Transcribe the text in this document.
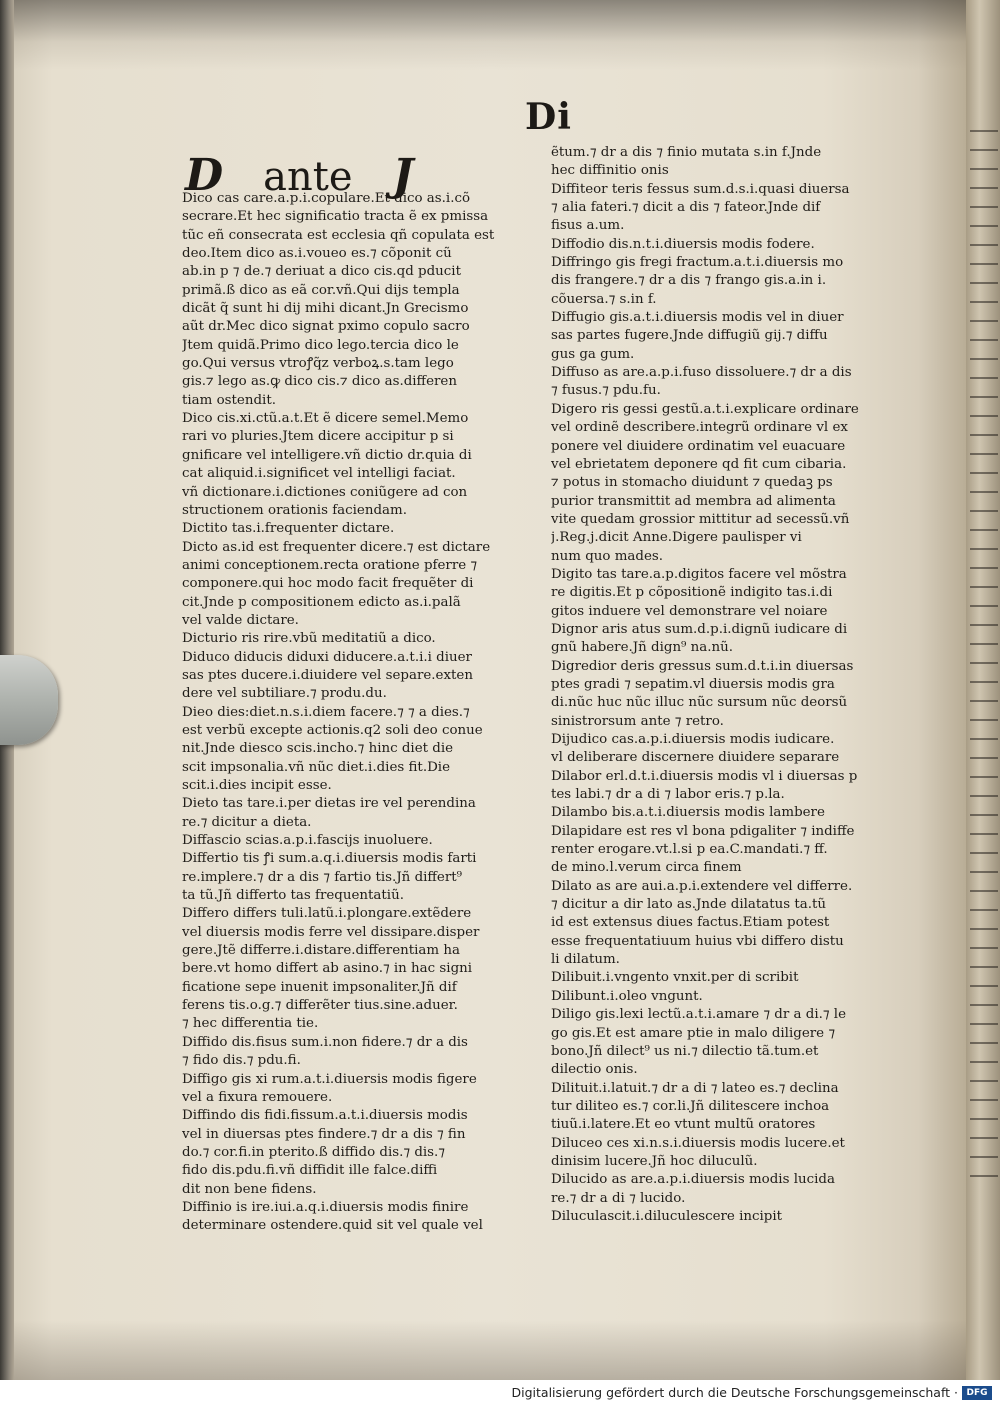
Di
D ante J
Dico cas care.a.p.i.copulare.Et dico as.i.cõ
secrare.Et hec significatio tracta ẽ ex pmissa
tũc eñ consecrata est ecclesia qñ copulata est
deo.Item dico as.i.voueo es.⁊ cõponit cũ
ab.in p ⁊ de.⁊ deriuat a dico cis.qd pducit
primã.ß dico as eã cor.vñ.Qui dijs templa
dicãt q̃ sunt hi dij mihi dicant.Jn Grecismo
aũt dr.Mec dico signat pximo copulo sacro
Jtem quidã.Primo dico lego.tercia dico le
go.Qui versus vtroꝭq̃z verboꝝ.s.tam lego
gis.⁊ lego as.ꝙ dico cis.⁊ dico as.differen
tiam ostendit.
Dico cis.xi.ctũ.a.t.Et ẽ dicere semel.Memo
rari vo pluries.Jtem dicere accipitur p si
gnificare vel intelligere.vñ dictio dr.quia di
cat aliquid.i.significet vel intelligi faciat.
vñ dictionare.i.dictiones coniũgere ad con
structionem orationis faciendam.
Dictito tas.i.frequenter dictare.
Dicto as.id est frequenter dicere.⁊ est dictare
animi conceptionem.recta oratione pferre ⁊
componere.qui hoc modo facit frequẽter di
cit.Jnde p compositionem edicto as.i.palã
vel valde dictare.
Dicturio ris rire.vbũ meditatiũ a dico.
Diduco diducis diduxi diducere.a.t.i.i diuer
sas ptes ducere.i.diuidere vel separe.exten
dere vel subtiliare.⁊ produ.du.
Dieo dies:diet.n.s.i.diem facere.⁊ ⁊ a dies.⁊
est verbũ excepte actionis.q2 soli deo conue
nit.Jnde diesco scis.incho.⁊ hinc diet die
scit impsonalia.vñ nũc diet.i.dies fit.Die
scit.i.dies incipit esse.
Dieto tas tare.i.per dietas ire vel perendina
re.⁊ dicitur a dieta.
Diffascio scias.a.p.i.fascijs inuoluere.
Differtio tis ꝭi sum.a.q.i.diuersis modis farti
re.implere.⁊ dr a dis ⁊ fartio tis.Jñ differt⁹
ta tũ.Jñ differto tas frequentatiũ.
Differo differs tuli.latũ.i.plongare.extẽdere
vel diuersis modis ferre vel dissipare.disper
gere.Jtẽ differre.i.distare.differentiam ha
bere.vt homo differt ab asino.⁊ in hac signi
ficatione sepe inuenit impsonaliter.Jñ dif
ferens tis.o.g.⁊ differẽter tius.sine.aduer.
⁊ hec differentia tie.
Diffido dis.fisus sum.i.non fidere.⁊ dr a dis
⁊ fido dis.⁊ pdu.fi.
Diffigo gis xi rum.a.t.i.diuersis modis figere
vel a fixura remouere.
Diffindo dis fidi.fissum.a.t.i.diuersis modis
vel in diuersas ptes findere.⁊ dr a dis ⁊ fin
do.⁊ cor.fi.in pterito.ß diffido dis.⁊ dis.⁊
fido dis.pdu.fi.vñ diffidit ille falce.diffi
dit non bene fidens.
Diffinio is ire.iui.a.q.i.diuersis modis finire
determinare ostendere.quid sit vel quale vel
ẽtum.⁊ dr a dis ⁊ finio mutata s.in f.Jnde
hec diffinitio onis
Diffiteor teris fessus sum.d.s.i.quasi diuersa
⁊ alia fateri.⁊ dicit a dis ⁊ fateor.Jnde dif
fisus a.um.
Diffodio dis.n.t.i.diuersis modis fodere.
Diffringo gis fregi fractum.a.t.i.diuersis mo
dis frangere.⁊ dr a dis ⁊ frango gis.a.in i.
cõuersa.⁊ s.in f.
Diffugio gis.a.t.i.diuersis modis vel in diuer
sas partes fugere.Jnde diffugiũ gij.⁊ diffu
gus ga gum.
Diffuso as are.a.p.i.fuso dissoluere.⁊ dr a dis
⁊ fusus.⁊ pdu.fu.
Digero ris gessi gestũ.a.t.i.explicare ordinare
vel ordinẽ describere.integrũ ordinare vl ex
ponere vel diuidere ordinatim vel euacuare
vel ebrietatem deponere qd fit cum cibaria.
⁊ potus in stomacho diuidunt ⁊ quedaꝫ ps
purior transmittit ad membra ad alimenta
vite quedam grossior mittitur ad secessũ.vñ
j.Reg.j.dicit Anne.Digere paulisper vi
num quo mades.
Digito tas tare.a.p.digitos facere vel mõstra
re digitis.Et p cõpositionẽ indigito tas.i.di
gitos induere vel demonstrare vel noiare
Dignor aris atus sum.d.p.i.dignũ iudicare di
gnũ habere.Jñ dign⁹ na.nũ.
Digredior deris gressus sum.d.t.i.in diuersas
ptes gradi ⁊ sepatim.vl diuersis modis gra
di.nũc huc nũc illuc nũc sursum nũc deorsũ
sinistrorsum ante ⁊ retro.
Dijudico cas.a.p.i.diuersis modis iudicare.
vl deliberare discernere diuidere separare
Dilabor erl.d.t.i.diuersis modis vl i diuersas p
tes labi.⁊ dr a di ⁊ labor eris.⁊ p.la.
Dilambo bis.a.t.i.diuersis modis lambere
Dilapidare est res vl bona pdigaliter ⁊ indiffe
renter erogare.vt.l.si p ea.C.mandati.⁊ ff.
de mino.l.verum circa finem
Dilato as are aui.a.p.i.extendere vel differre.
⁊ dicitur a dir lato as.Jnde dilatatus ta.tũ
id est extensus diues factus.Etiam potest
esse frequentatiuum huius vbi differo distu
li dilatum.
Dilibuit.i.vngento vnxit.per di scribit
Dilibunt.i.oleo vngunt.
Diligo gis.lexi lectũ.a.t.i.amare ⁊ dr a di.⁊ le
go gis.Et est amare ptie in malo diligere ⁊
bono.Jñ dilect⁹ us ni.⁊ dilectio tã.tum.et
dilectio onis.
Dilituit.i.latuit.⁊ dr a di ⁊ lateo es.⁊ declina
tur diliteo es.⁊ cor.li.Jñ dilitescere inchoa
tiuũ.i.latere.Et eo vtunt multũ oratores
Diluceo ces xi.n.s.i.diuersis modis lucere.et
dinisim lucere.Jñ hoc diluculũ.
Dilucido as are.a.p.i.diuersis modis lucida
re.⁊ dr a di ⁊ lucido.
Diluculascit.i.diluculescere incipit
Digitalisierung gefördert durch die Deutsche Forschungsgemeinschaft · DFG
